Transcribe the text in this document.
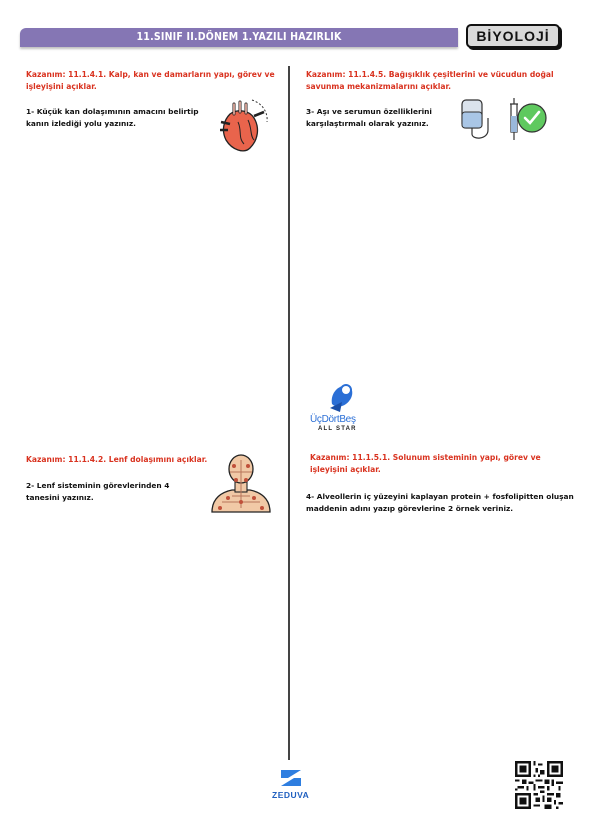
11.SINIF II.DÖNEM 1.YAZILI HAZIRLIK	BİYOLOJİ
Kazanım: 11.1.4.1. Kalp, kan ve damarların yapı, görev ve işleyişini açıklar.
1- Küçük kan dolaşımının amacını belirtip kanın izlediği yolu yazınız.
Kazanım: 11.1.4.5. Bağışıklık çeşitlerini ve vücudun doğal savunma mekanizmalarını açıklar.
3- Aşı ve serumun özelliklerini karşılaştırmalı olarak yazınız.
ÜçDörtBeş
ALL STAR
Kazanım: 11.1.4.2. Lenf dolaşımını açıklar.
2- Lenf sisteminin görevlerinden 4 tanesini yazınız.
Kazanım: 11.1.5.1. Solunum sisteminin yapı, görev ve işleyişini açıklar.
4- Alveollerin iç yüzeyini kaplayan protein + fosfolipitten oluşan maddenin adını yazıp görevlerine 2 örnek veriniz.
ZEDUVA
